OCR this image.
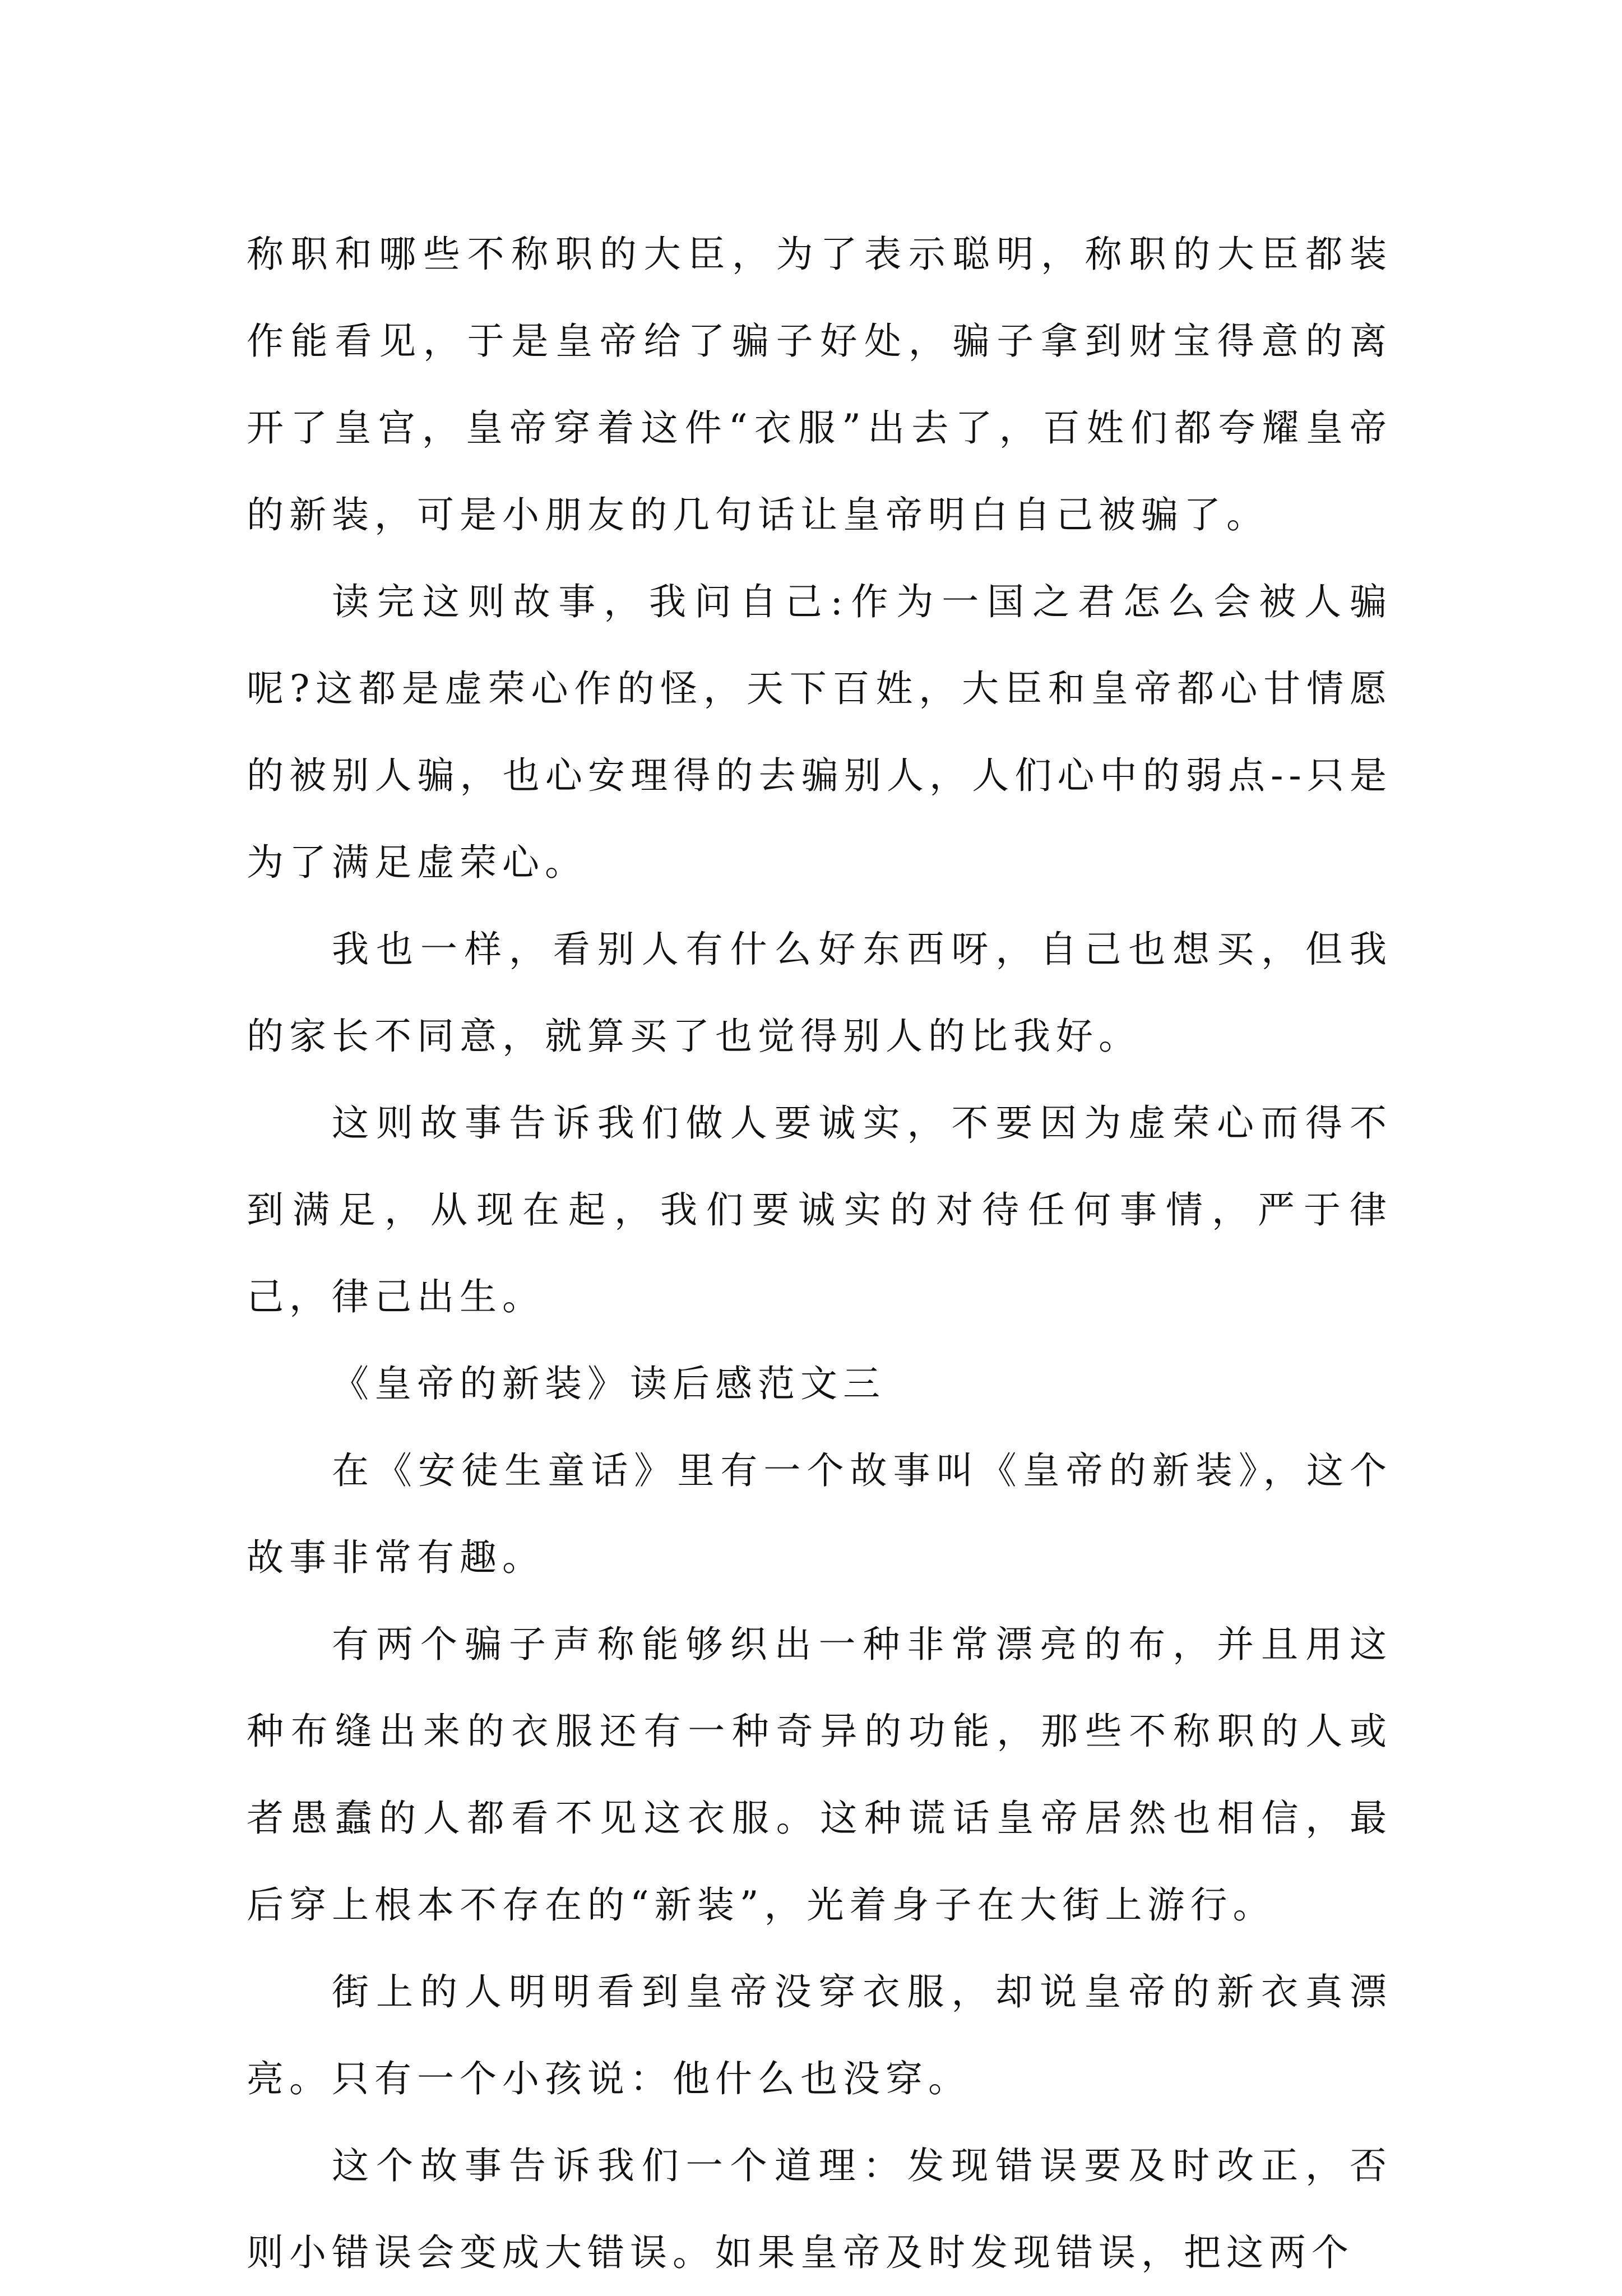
称职和哪些不称职的大臣，为了表示聪明，称职的大臣都装作能看见，于是皇帝给了骗子好处，骗子拿到财宝得意的离开了皇宫，皇帝穿着这件“衣服”出去了，百姓们都夸耀皇帝的新装，可是小朋友的几句话让皇帝明白自己被骗了。

读完这则故事，我问自己:作为一国之君怎么会被人骗呢?这都是虚荣心作的怪，天下百姓，大臣和皇帝都心甘情愿的被别人骗，也心安理得的去骗别人，人们心中的弱点--只是为了满足虚荣心。

我也一样，看别人有什么好东西呀，自己也想买，但我的家长不同意，就算买了也觉得别人的比我好。

这则故事告诉我们做人要诚实，不要因为虚荣心而得不到满足，从现在起，我们要诚实的对待任何事情，严于律己，律己出生。

《皇帝的新装》读后感范文三

在《安徒生童话》里有一个故事叫《皇帝的新装》，这个故事非常有趣。

有两个骗子声称能够织出一种非常漂亮的布，并且用这种布缝出来的衣服还有一种奇异的功能，那些不称职的人或者愚蠢的人都看不见这衣服。这种谎话皇帝居然也相信，最后穿上根本不存在的“新装”，光着身子在大街上游行。

街上的人明明看到皇帝没穿衣服，却说皇帝的新衣真漂亮。只有一个小孩说：他什么也没穿。

这个故事告诉我们一个道理：发现错误要及时改正，否则小错误会变成大错误。如果皇帝及时发现错误，把这两个
